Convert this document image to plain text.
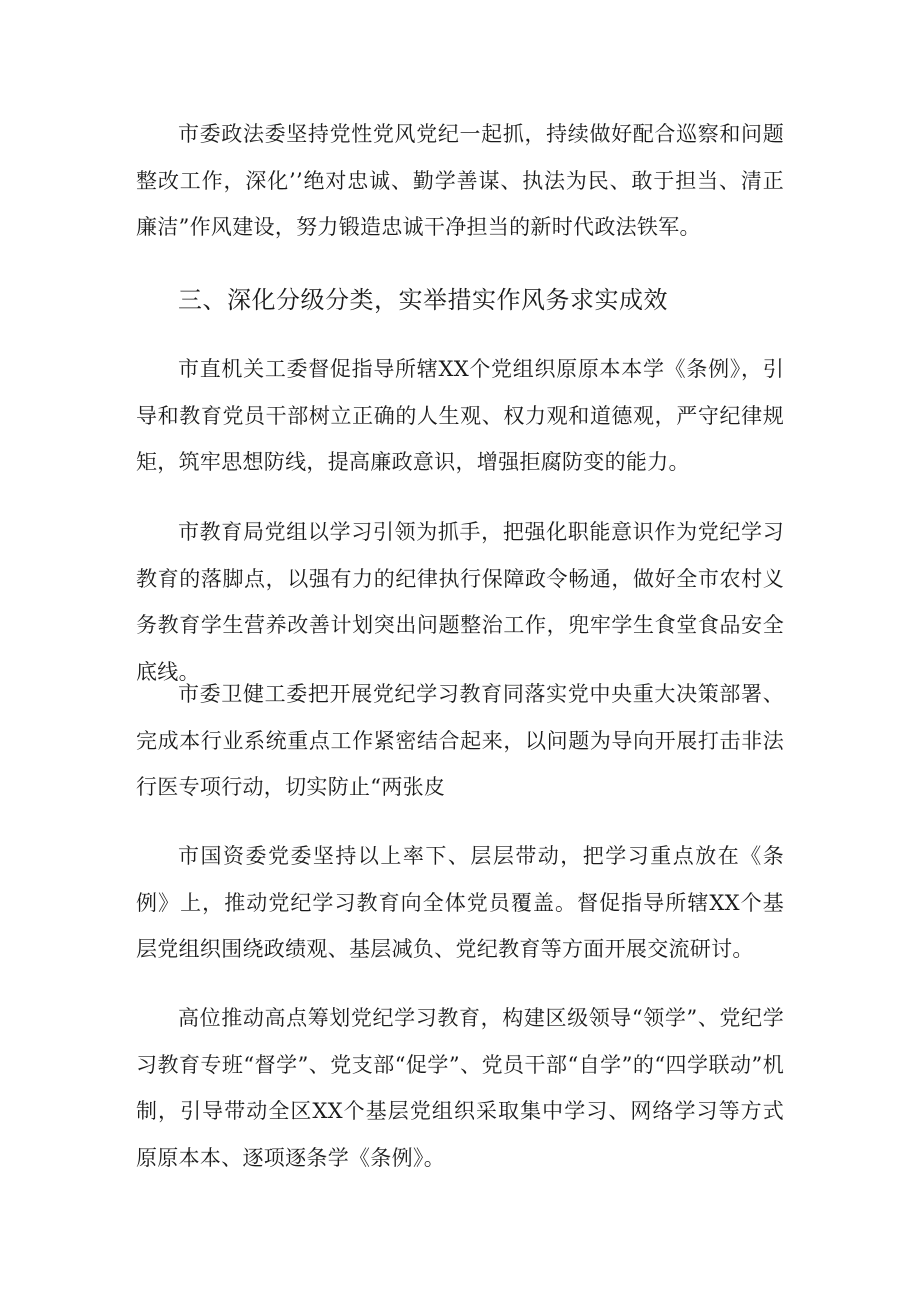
市委政法委坚持党性党风党纪一起抓，持续做好配合巡察和问题整改工作，深化’’绝对忠诚、勤学善谋、执法为民、敢于担当、清正廉洁”作风建设，努力锻造忠诚干净担当的新时代政法铁军。

三、深化分级分类，实举措实作风务求实成效

市直机关工委督促指导所辖XX个党组织原原本本学《条例》，引导和教育党员干部树立正确的人生观、权力观和道德观，严守纪律规矩，筑牢思想防线，提高廉政意识，增强拒腐防变的能力。

市教育局党组以学习引领为抓手，把强化职能意识作为党纪学习教育的落脚点，以强有力的纪律执行保障政令畅通，做好全市农村义务教育学生营养改善计划突出问题整治工作，兜牢学生食堂食品安全底线。

市委卫健工委把开展党纪学习教育同落实党中央重大决策部署、完成本行业系统重点工作紧密结合起来，以问题为导向开展打击非法行医专项行动，切实防止“两张皮

市国资委党委坚持以上率下、层层带动，把学习重点放在《条例》上，推动党纪学习教育向全体党员覆盖。督促指导所辖XX个基层党组织围绕政绩观、基层减负、党纪教育等方面开展交流研讨。

高位推动高点筹划党纪学习教育，构建区级领导“领学”、党纪学习教育专班“督学”、党支部“促学”、党员干部“自学”的“四学联动”机制，引导带动全区XX个基层党组织采取集中学习、网络学习等方式原原本本、逐项逐条学《条例》。
